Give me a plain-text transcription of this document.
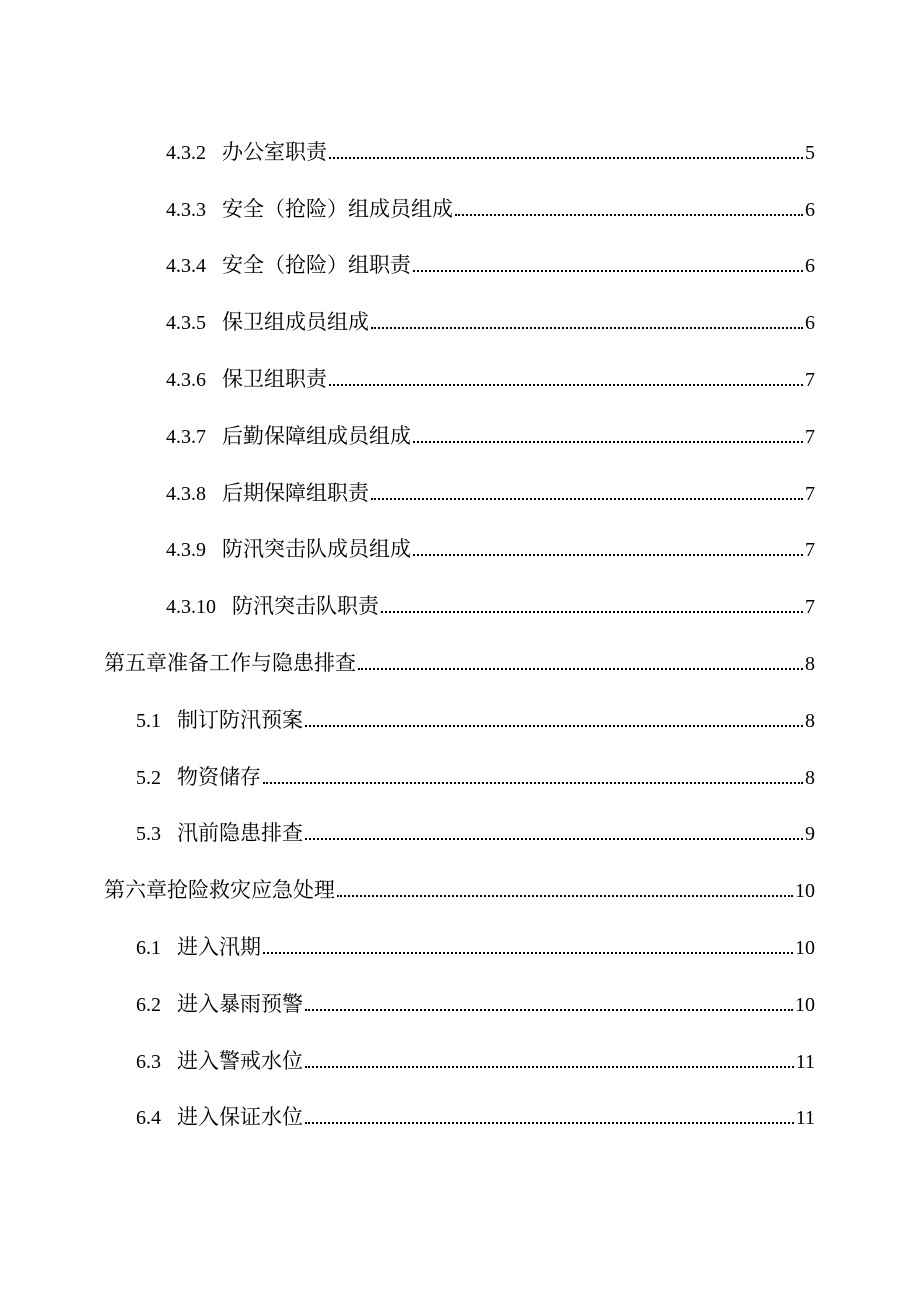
4.3.2 办公室职责	5
4.3.3 安全（抢险）组成员组成	6
4.3.4 安全（抢险）组职责	6
4.3.5 保卫组成员组成	6
4.3.6 保卫组职责	7
4.3.7 后勤保障组成员组成	7
4.3.8 后期保障组职责	7
4.3.9 防汛突击队成员组成	7
4.3.10 防汛突击队职责	7
第五章准备工作与隐患排查	8
5.1 制订防汛预案	8
5.2 物资储存	8
5.3 汛前隐患排查	9
第六章抢险救灾应急处理	10
6.1 进入汛期	10
6.2 进入暴雨预警	10
6.3 进入警戒水位	11
6.4 进入保证水位	11
